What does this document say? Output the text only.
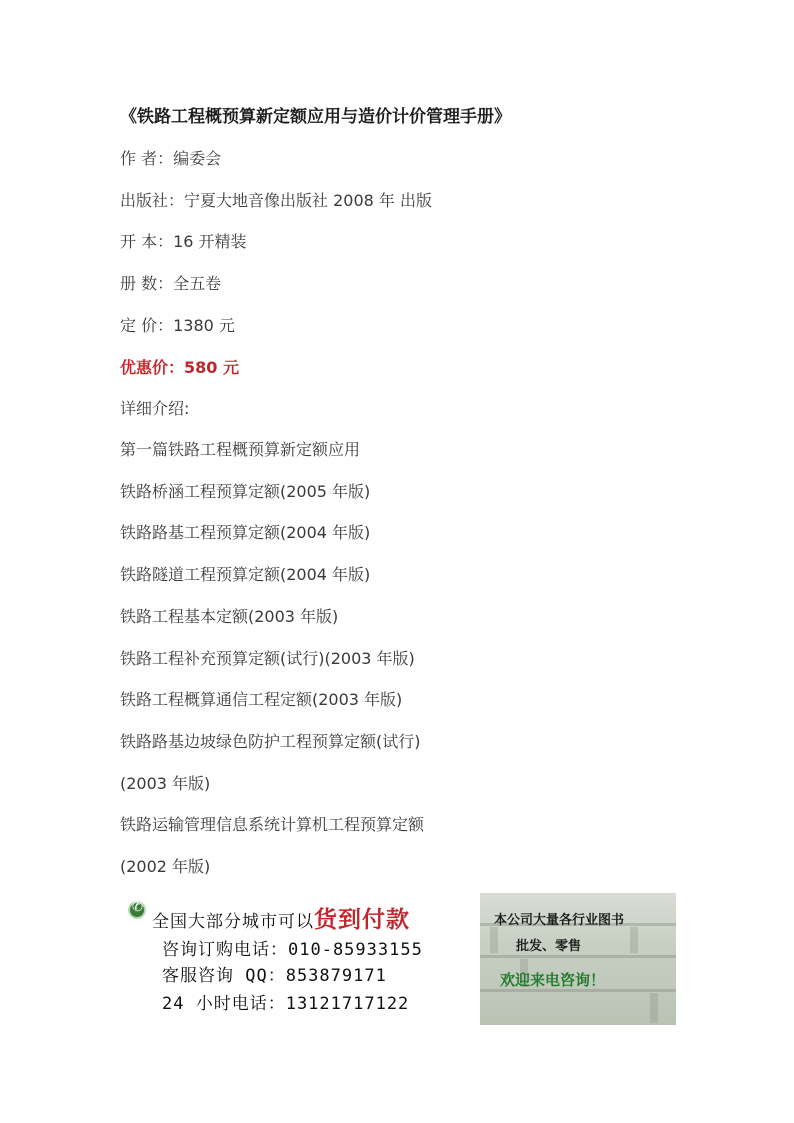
《铁路工程概预算新定额应用与造价计价管理手册》
作 者：编委会
出版社：宁夏大地音像出版社 2008 年 出版
开 本：16 开精装
册 数：全五卷
定 价：1380 元
优惠价：580 元
详细介绍:
第一篇铁路工程概预算新定额应用
铁路桥涵工程预算定额(2005 年版)
铁路路基工程预算定额(2004 年版)
铁路隧道工程预算定额(2004 年版)
铁路工程基本定额(2003 年版)
铁路工程补充预算定额(试行)(2003 年版)
铁路工程概算通信工程定额(2003 年版)
铁路路基边坡绿色防护工程预算定额(试行)
(2003 年版)
铁路运输管理信息系统计算机工程预算定额
(2002 年版)
✆
全国大部分城市可以货到付款
咨询订购电话：010-85933155
客服咨询 QQ：853879171
24 小时电话：13121717122
本公司大量各行业图书
批发、零售
欢迎来电咨询！
